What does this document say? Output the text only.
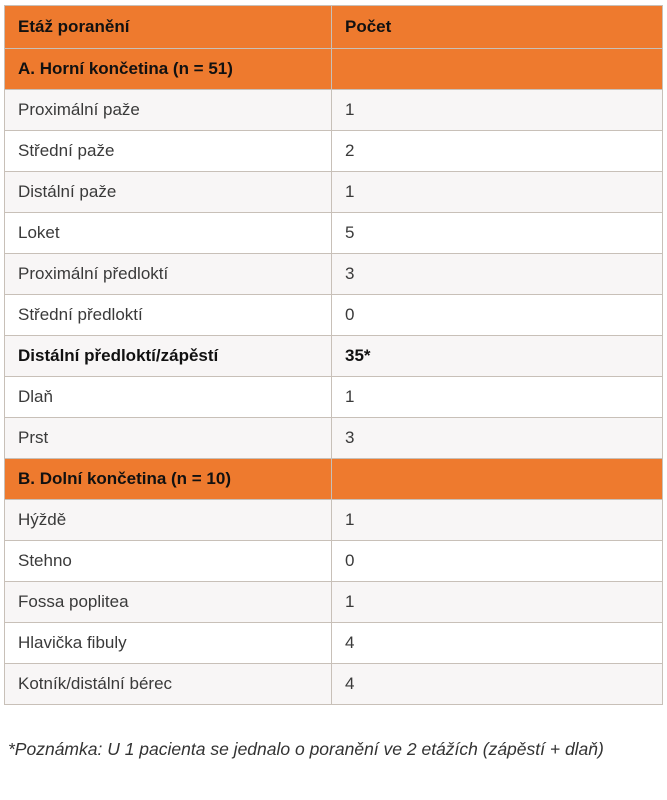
Etáž poranění	Počet
A. Horní končetina (n = 51)	
Proximální paže	1
Střední paže	2
Distální paže	1
Loket	5
Proximální předloktí	3
Střední předloktí	0
Distální předloktí/zápěstí	35*
Dlaň	1
Prst	3
B. Dolní končetina (n = 10)	
Hýždě	1
Stehno	0
Fossa poplitea	1
Hlavička fibuly	4
Kotník/distální bérec	4
*Poznámka: U 1 pacienta se jednalo o poranění ve 2 etážích (zápěstí + dlaň)
